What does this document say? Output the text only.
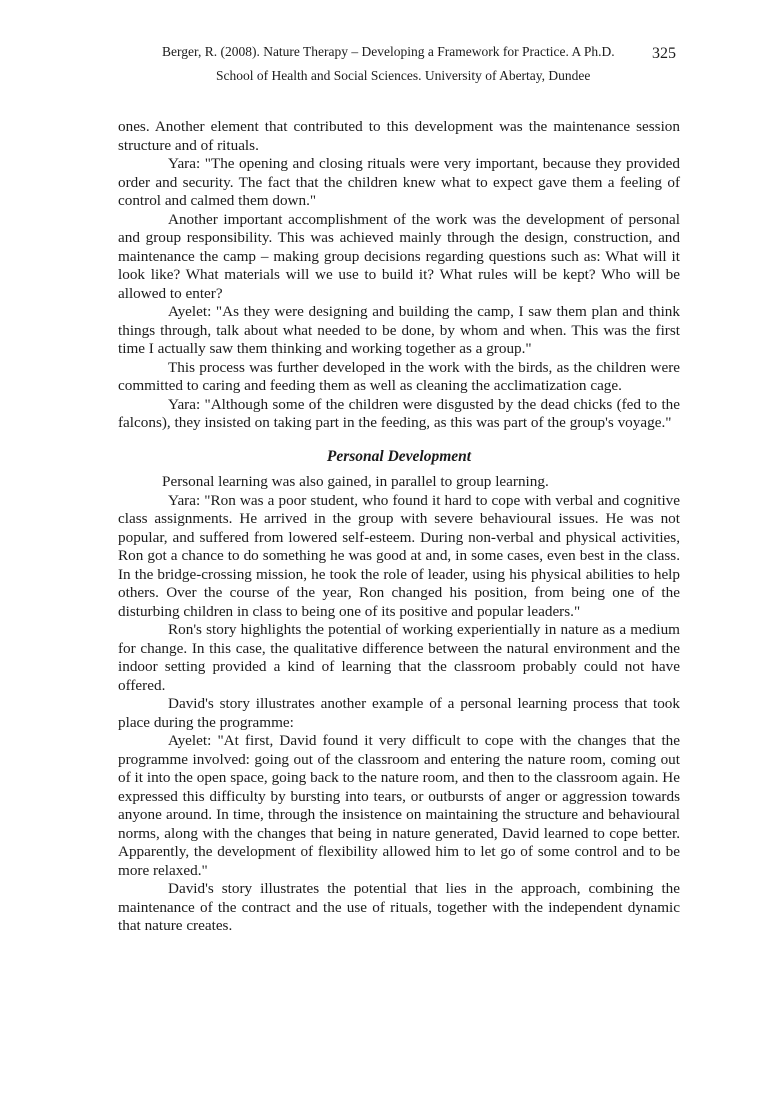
Berger, R. (2008). Nature Therapy – Developing a Framework for Practice. A Ph.D. 325
School of Health and Social Sciences. University of Abertay, Dundee

ones. Another element that contributed to this development was the maintenance session structure and of rituals.

Yara: "The opening and closing rituals were very important, because they provided order and security. The fact that the children knew what to expect gave them a feeling of control and calmed them down."

Another important accomplishment of the work was the development of personal and group responsibility. This was achieved mainly through the design, construction, and maintenance the camp – making group decisions regarding questions such as: What will it look like? What materials will we use to build it? What rules will be kept? Who will be allowed to enter?

Ayelet: "As they were designing and building the camp, I saw them plan and think things through, talk about what needed to be done, by whom and when. This was the first time I actually saw them thinking and working together as a group."

This process was further developed in the work with the birds, as the children were committed to caring and feeding them as well as cleaning the acclimatization cage.

Yara: "Although some of the children were disgusted by the dead chicks (fed to the falcons), they insisted on taking part in the feeding, as this was part of the group's voyage."

Personal Development

Personal learning was also gained, in parallel to group learning.

Yara: "Ron was a poor student, who found it hard to cope with verbal and cognitive class assignments. He arrived in the group with severe behavioural issues. He was not popular, and suffered from lowered self-esteem. During non-verbal and physical activities, Ron got a chance to do something he was good at and, in some cases, even best in the class. In the bridge-crossing mission, he took the role of leader, using his physical abilities to help others. Over the course of the year, Ron changed his position, from being one of the disturbing children in class to being one of its positive and popular leaders."

Ron's story highlights the potential of working experientially in nature as a medium for change. In this case, the qualitative difference between the natural environment and the indoor setting provided a kind of learning that the classroom probably could not have offered.

David's story illustrates another example of a personal learning process that took place during the programme:

Ayelet: "At first, David found it very difficult to cope with the changes that the programme involved: going out of the classroom and entering the nature room, coming out of it into the open space, going back to the nature room, and then to the classroom again. He expressed this difficulty by bursting into tears, or outbursts of anger or aggression towards anyone around. In time, through the insistence on maintaining the structure and behavioural norms, along with the changes that being in nature generated, David learned to cope better. Apparently, the development of flexibility allowed him to let go of some control and to be more relaxed."

David's story illustrates the potential that lies in the approach, combining the maintenance of the contract and the use of rituals, together with the independent dynamic that nature creates.
